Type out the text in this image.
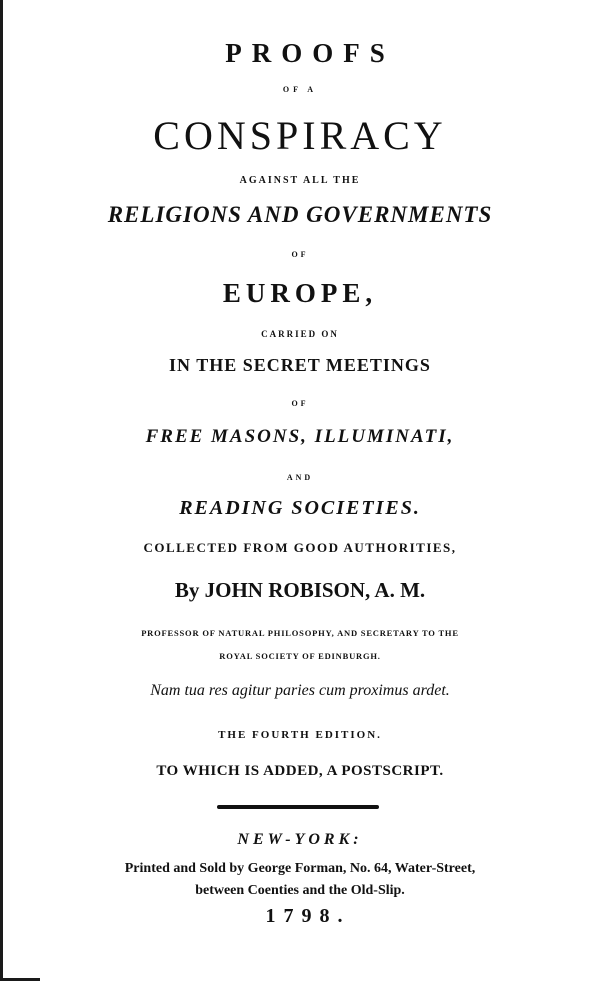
PROOFS
OF A
CONSPIRACY
AGAINST ALL THE
RELIGIONS AND GOVERNMENTS
OF
EUROPE,
CARRIED ON
IN THE SECRET MEETINGS
OF
FREE MASONS, ILLUMINATI,
AND
READING SOCIETIES.
COLLECTED FROM GOOD AUTHORITIES,
By JOHN ROBISON, A. M.
PROFESSOR OF NATURAL PHILOSOPHY, AND SECRETARY TO THE
ROYAL SOCIETY OF EDINBURGH.
Nam tua res agitur paries cum proximus ardet.
THE FOURTH EDITION.
TO WHICH IS ADDED, A POSTSCRIPT.
NEW-YORK:
Printed and Sold by George Forman, No. 64, Water-Street,
between Coenties and the Old-Slip.
1798.
